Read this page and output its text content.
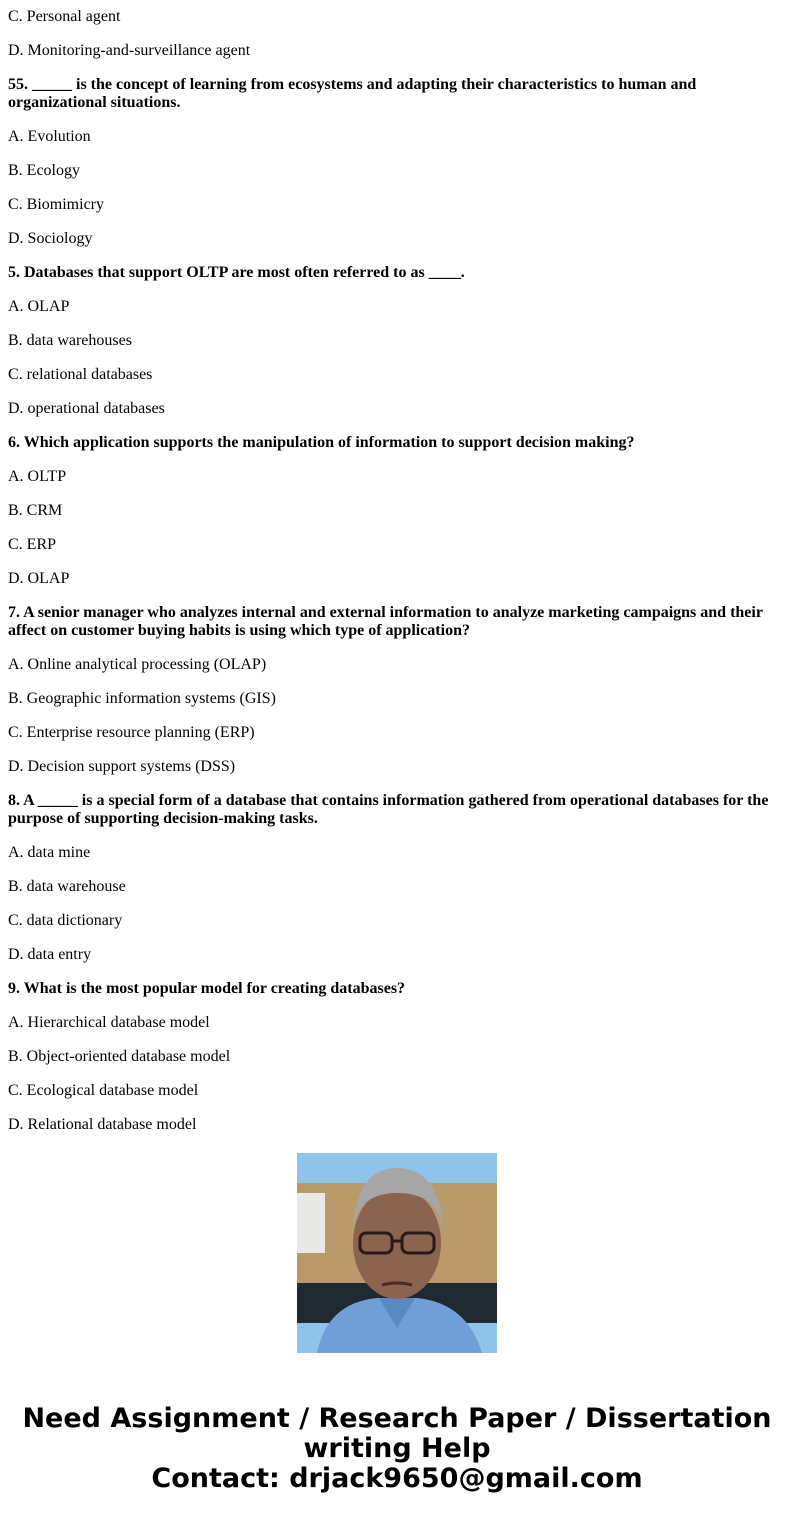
C. Personal agent

D. Monitoring-and-surveillance agent

55. _____ is the concept of learning from ecosystems and adapting their characteristics to human and organizational situations.

A. Evolution

B. Ecology

C. Biomimicry

D. Sociology

5. Databases that support OLTP are most often referred to as ____.

A. OLAP

B. data warehouses

C. relational databases

D. operational databases

6. Which application supports the manipulation of information to support decision making?

A. OLTP

B. CRM

C. ERP

D. OLAP

7. A senior manager who analyzes internal and external information to analyze marketing campaigns and their affect on customer buying habits is using which type of application?

A. Online analytical processing (OLAP)

B. Geographic information systems (GIS)

C. Enterprise resource planning (ERP)

D. Decision support systems (DSS)

8. A _____ is a special form of a database that contains information gathered from operational databases for the purpose of supporting decision-making tasks.

A. data mine

B. data warehouse

C. data dictionary

D. data entry

9. What is the most popular model for creating databases?

A. Hierarchical database model

B. Object-oriented database model

C. Ecological database model

D. Relational database model

Need Assignment / Research Paper / Dissertation writing Help
Contact: drjack9650@gmail.com
